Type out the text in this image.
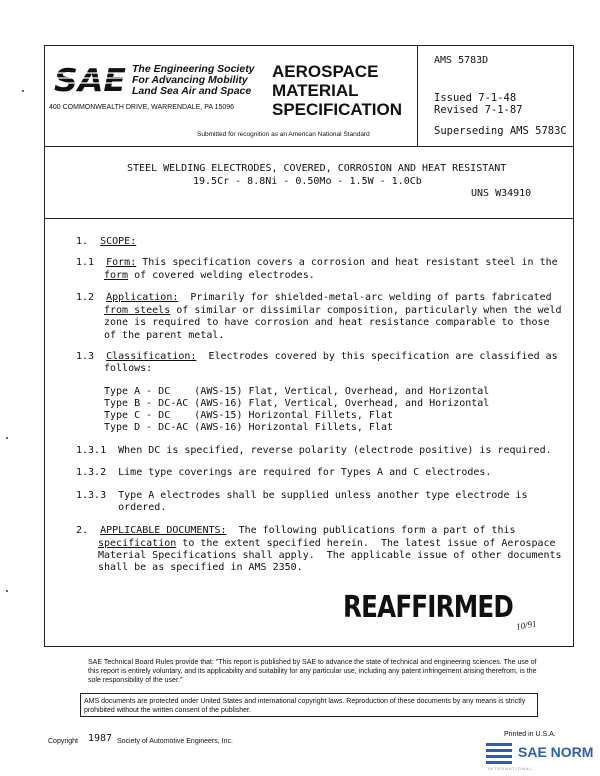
SAE The Engineering Society
For Advancing Mobility
Land Sea Air and Space
400 COMMONWEALTH DRIVE, WARRENDALE, PA 15096
AEROSPACE
MATERIAL
SPECIFICATION
Submitted for recognition as an American National Standard
AMS 5783D
Issued 7-1-48
Revised 7-1-87
Superseding AMS 5783C
STEEL WELDING ELECTRODES, COVERED, CORROSION AND HEAT RESISTANT
19.5Cr - 8.8Ni - 0.50Mo - 1.5W - 1.0Cb
UNS W34910
1. SCOPE:
1.1 Form: This specification covers a corrosion and heat resistant steel in the
form of covered welding electrodes.
1.2 Application:  Primarily for shielded-metal-arc welding of parts fabricated
from steels of similar or dissimilar composition, particularly when the weld
zone is required to have corrosion and heat resistance comparable to those
of the parent metal.
1.3 Classification:  Electrodes covered by this specification are classified as
follows:
Type A - DC    (AWS-15) Flat, Vertical, Overhead, and Horizontal
Type B - DC-AC (AWS-16) Flat, Vertical, Overhead, and Horizontal
Type C - DC    (AWS-15) Horizontal Fillets, Flat
Type D - DC-AC (AWS-16) Horizontal Fillets, Flat
1.3.1  When DC is specified, reverse polarity (electrode positive) is required.
1.3.2  Lime type coverings are required for Types A and C electrodes.
1.3.3  Type A electrodes shall be supplied unless another type electrode is
ordered.
2. APPLICABLE DOCUMENTS:  The following publications form a part of this
specification to the extent specified herein.  The latest issue of Aerospace
Material Specifications shall apply.  The applicable issue of other documents
shall be as specified in AMS 2350.
REAFFIRMED 10/91
SAE Technical Board Rules provide that: "This report is published by SAE to advance the state of technical and engineering sciences. The use of this report is entirely voluntary, and its applicability and suitability for any particular use, including any patent infringement arising therefrom, is the sole responsibility of the user."
AMS documents are protected under United States and international copyright laws. Reproduction of these documents by any means is strictly prohibited without the written consent of the publisher.
Copyright 1987 Society of Automotive Engineers, Inc.
Printed in U.S.A.
SAE NORM
INTERNATIONAL
